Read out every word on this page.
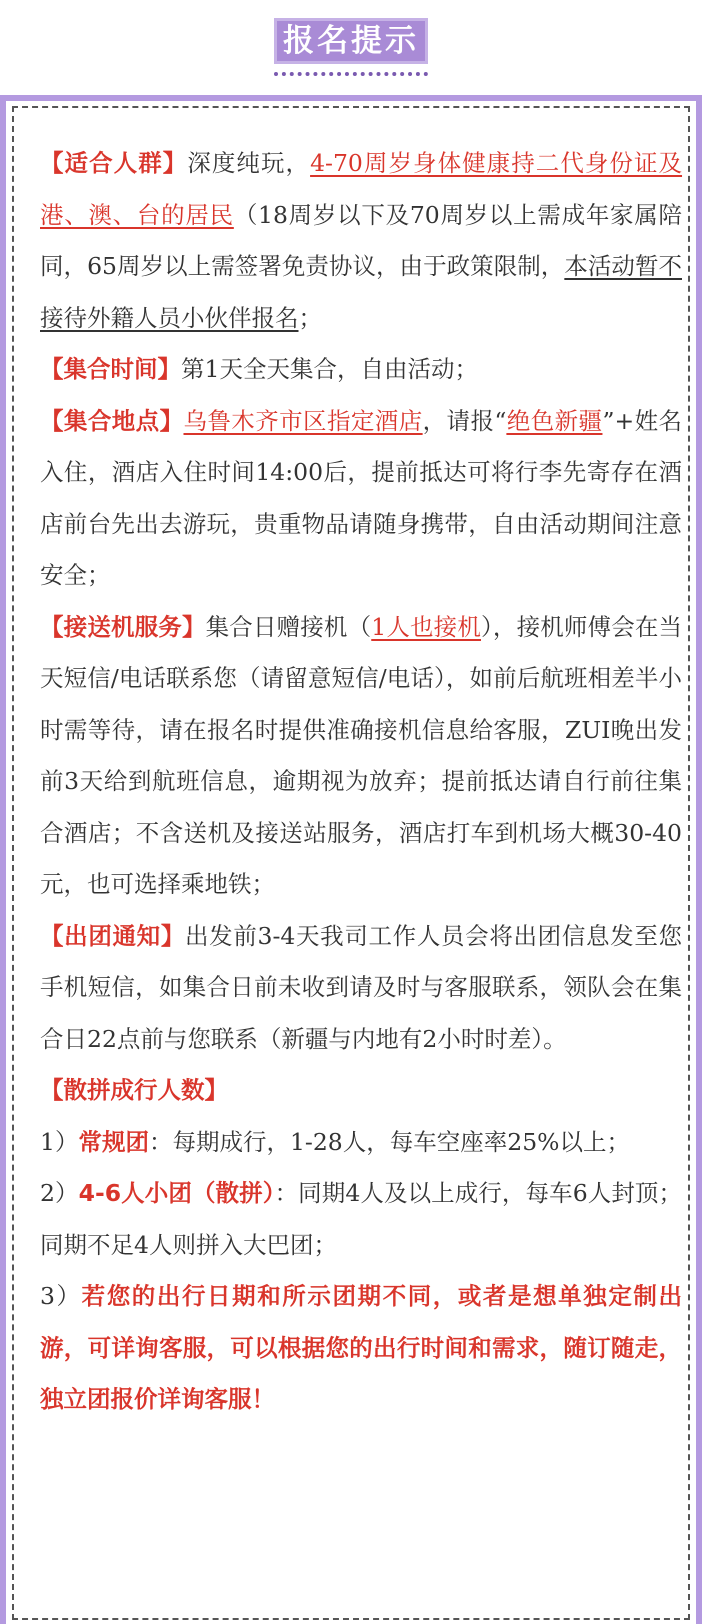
报名提示

【适合人群】深度纯玩，4-70周岁身体健康持二代身份证及港、澳、台的居民（18周岁以下及70周岁以上需成年家属陪同，65周岁以上需签署免责协议，由于政策限制，本活动暂不接待外籍人员小伙伴报名；

【集合时间】第1天全天集合，自由活动；

【集合地点】乌鲁木齐市区指定酒店，请报“绝色新疆”+姓名入住，酒店入住时间14:00后，提前抵达可将行李先寄存在酒店前台先出去游玩，贵重物品请随身携带，自由活动期间注意安全；

【接送机服务】集合日赠接机（1人也接机），接机师傅会在当天短信/电话联系您（请留意短信/电话），如前后航班相差半小时需等待，请在报名时提供准确接机信息给客服，ZUI晚出发前3天给到航班信息，逾期视为放弃；提前抵达请自行前往集合酒店；不含送机及接送站服务，酒店打车到机场大概30-40元，也可选择乘地铁；

【出团通知】出发前3-4天我司工作人员会将出团信息发至您手机短信，如集合日前未收到请及时与客服联系，领队会在集合日22点前与您联系（新疆与内地有2小时时差）。

【散拼成行人数】

1）常规团：每期成行，1-28人，每车空座率25%以上；

2）4-6人小团（散拼）：同期4人及以上成行，每车6人封顶；同期不足4人则拼入大巴团；

3）若您的出行日期和所示团期不同，或者是想单独定制出游，可详询客服，可以根据您的出行时间和需求，随订随走，独立团报价详询客服！
